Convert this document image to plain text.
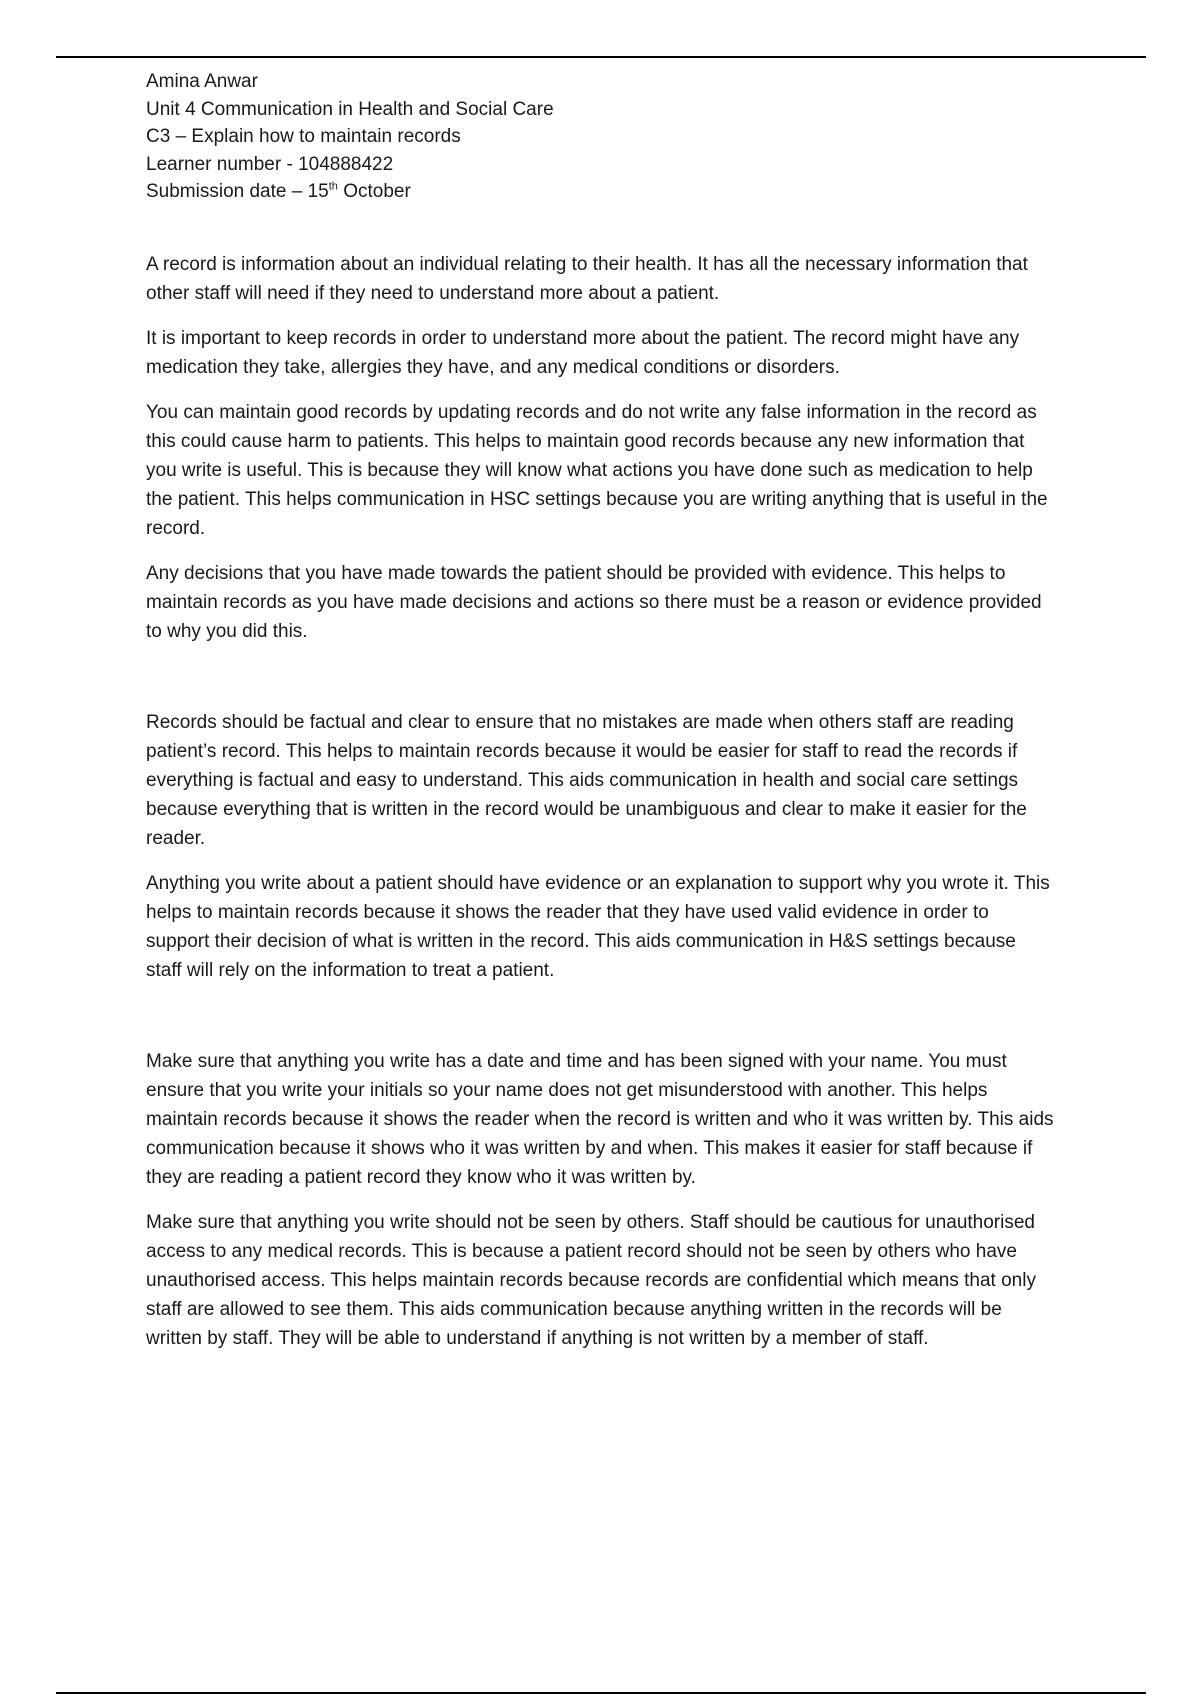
Amina Anwar

Unit 4 Communication in Health and Social Care

C3 – Explain how to maintain records

Learner number - 104888422

Submission date – 15th October

A record is information about an individual relating to their health. It has all the necessary information that other staff will need if they need to understand more about a patient.

It is important to keep records in order to understand more about the patient. The record might have any medication they take, allergies they have, and any medical conditions or disorders.

You can maintain good records by updating records and do not write any false information in the record as this could cause harm to patients. This helps to maintain good records because any new information that you write is useful. This is because they will know what actions you have done such as medication to help the patient. This helps communication in HSC settings because you are writing anything that is useful in the record.

Any decisions that you have made towards the patient should be provided with evidence. This helps to maintain records as you have made decisions and actions so there must be a reason or evidence provided to why you did this.

Records should be factual and clear to ensure that no mistakes are made when others staff are reading patient’s record. This helps to maintain records because it would be easier for staff to read the records if everything is factual and easy to understand. This aids communication in health and social care settings because everything that is written in the record would be unambiguous and clear to make it easier for the reader.

Anything you write about a patient should have evidence or an explanation to support why you wrote it. This helps to maintain records because it shows the reader that they have used valid evidence in order to support their decision of what is written in the record. This aids communication in H&S settings because staff will rely on the information to treat a patient.

Make sure that anything you write has a date and time and has been signed with your name. You must ensure that you write your initials so your name does not get misunderstood with another. This helps maintain records because it shows the reader when the record is written and who it was written by. This aids communication because it shows who it was written by and when. This makes it easier for staff because if they are reading a patient record they know who it was written by.

Make sure that anything you write should not be seen by others. Staff should be cautious for unauthorised access to any medical records. This is because a patient record should not be seen by others who have unauthorised access. This helps maintain records because records are confidential which means that only staff are allowed to see them. This aids communication because anything written in the records will be written by staff. They will be able to understand if anything is not written by a member of staff.
